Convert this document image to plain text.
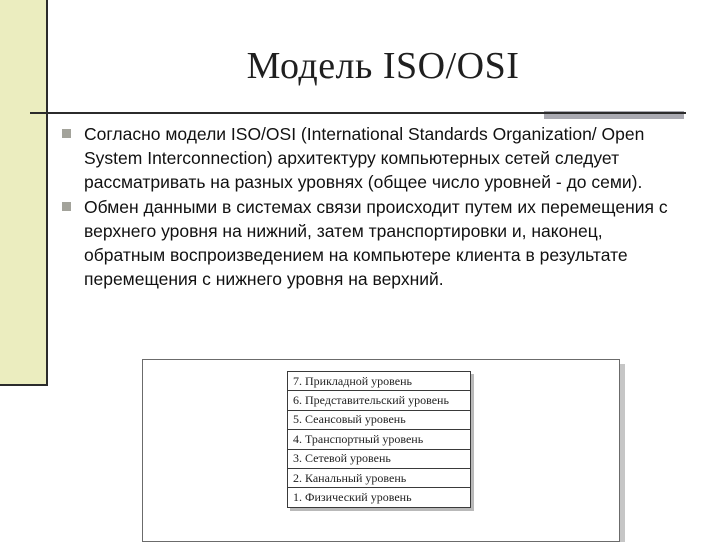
Модель ISO/OSI
Согласно модели ISO/OSI (International Standards Organization/ Open System Interconnection) архитектуру компьютерных сетей следует рассматривать на разных уровнях (общее число уровней - до семи).
Обмен данными в системах связи происходит путем их перемещения с верхнего уровня на нижний, затем транспортировки и, наконец, обратным воспроизведением на компьютере клиента в результате перемещения с нижнего уровня на верхний.
7. Прикладной уровень
6. Представительский уровень
5. Сеансовый уровень
4. Транспортный уровень
3. Сетевой уровень
2. Канальный уровень
1. Физический уровень
